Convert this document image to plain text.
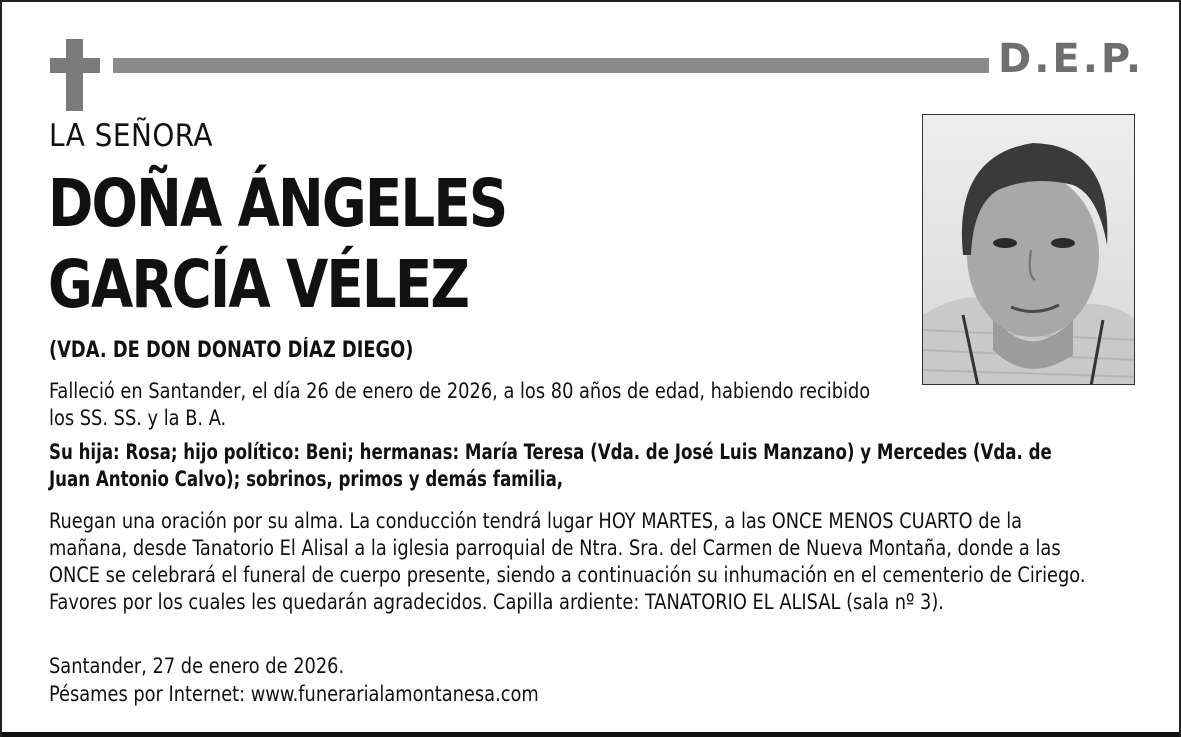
D.E.P.
LA SEÑORA
DOÑA ÁNGELES
GARCÍA VÉLEZ
(VDA. DE DON DONATO DÍAZ DIEGO)
Falleció en Santander, el día 26 de enero de 2026, a los 80 años de edad, habiendo recibido los SS. SS. y la B. A.
Su hija: Rosa; hijo político: Beni; hermanas: María Teresa (Vda. de José Luis Manzano) y Mercedes (Vda. de Juan Antonio Calvo); sobrinos, primos y demás familia,
Ruegan una oración por su alma. La conducción tendrá lugar HOY MARTES, a las ONCE MENOS CUARTO de la mañana, desde Tanatorio El Alisal a la iglesia parroquial de Ntra. Sra. del Carmen de Nueva Montaña, donde a las ONCE se celebrará el funeral de cuerpo presente, siendo a continuación su inhumación en el cementerio de Ciriego. Favores por los cuales les quedarán agradecidos. Capilla ardiente: TANATORIO EL ALISAL (sala nº 3).
Santander, 27 de enero de 2026.
Pésames por Internet: www.funerarialamontanesa.com
